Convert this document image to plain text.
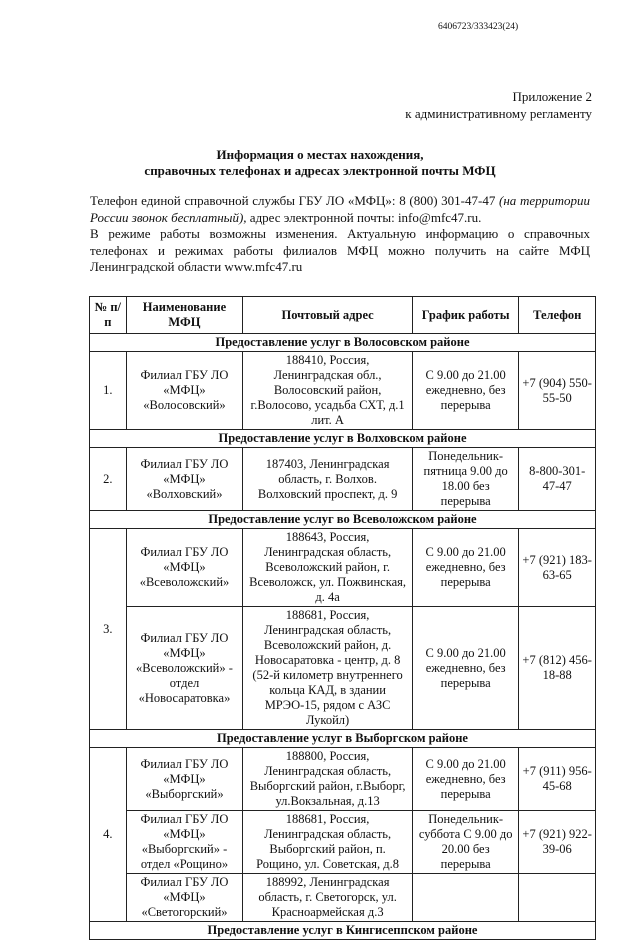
6406723/333423(24)
Приложение 2
к административному регламенту
Информация о местах нахождения,
справочных телефонах и адресах электронной почты МФЦ

Телефон единой справочной службы ГБУ ЛО «МФЦ»: 8 (800) 301-47-47 (на территории России звонок бесплатный), адрес электронной почты: info@mfc47.ru.

В режиме работы возможны изменения. Актуальную информацию о справочных телефонах и режимах работы филиалов МФЦ можно получить на сайте МФЦ Ленинградской области www.mfc47.ru

№ п/п	Наименование МФЦ	Почтовый адрес	График работы	Телефон
Предоставление услуг в Волосовском районе				
1.	Филиал ГБУ ЛО «МФЦ» «Волосовский»	188410, Россия, Ленинградская обл., Волосовский район, г.Волосово, усадьба СХТ, д.1 лит. А	С 9.00 до 21.00 ежедневно, без перерыва	+7 (904) 550-55-50
Предоставление услуг в Волховском районе				
2.	Филиал ГБУ ЛО «МФЦ» «Волховский»	187403, Ленинградская область, г. Волхов. Волховский проспект, д. 9	Понедельник-пятница 9.00 до 18.00 без перерыва	8-800-301-47-47
Предоставление услуг во Всеволожском районе				
3.	Филиал ГБУ ЛО «МФЦ» «Всеволожский»	188643, Россия, Ленинградская область, Всеволожский район, г. Всеволожск, ул. Пожвинская, д. 4а	С 9.00 до 21.00 ежедневно, без перерыва	+7 (921) 183-63-65
	Филиал ГБУ ЛО «МФЦ» «Всеволожский» - отдел «Новосаратовка»	188681, Россия, Ленинградская область, Всеволожский район, д. Новосаратовка - центр, д. 8 (52-й километр внутреннего кольца КАД, в здании МРЭО-15, рядом с АЗС Лукойл)	С 9.00 до 21.00 ежедневно, без перерыва	+7 (812) 456-18-88
Предоставление услуг в Выборгском районе				
4.	Филиал ГБУ ЛО «МФЦ» «Выборгский»	188800, Россия, Ленинградская область, Выборгский район, г.Выборг, ул.Вокзальная, д.13	С 9.00 до 21.00 ежедневно, без перерыва	+7 (911) 956-45-68
	Филиал ГБУ ЛО «МФЦ» «Выборгский» - отдел «Рощино»	188681, Россия, Ленинградская область, Выборгский район, п. Рощино, ул. Советская, д.8	Понедельник-суббота С 9.00 до 20.00 без перерыва	+7 (921) 922-39-06
	Филиал ГБУ ЛО «МФЦ» «Светогорский»	188992, Ленинградская область, г. Светогорск, ул. Красноармейская д.3		
Предоставление услуг в Кингисеппском районе				
